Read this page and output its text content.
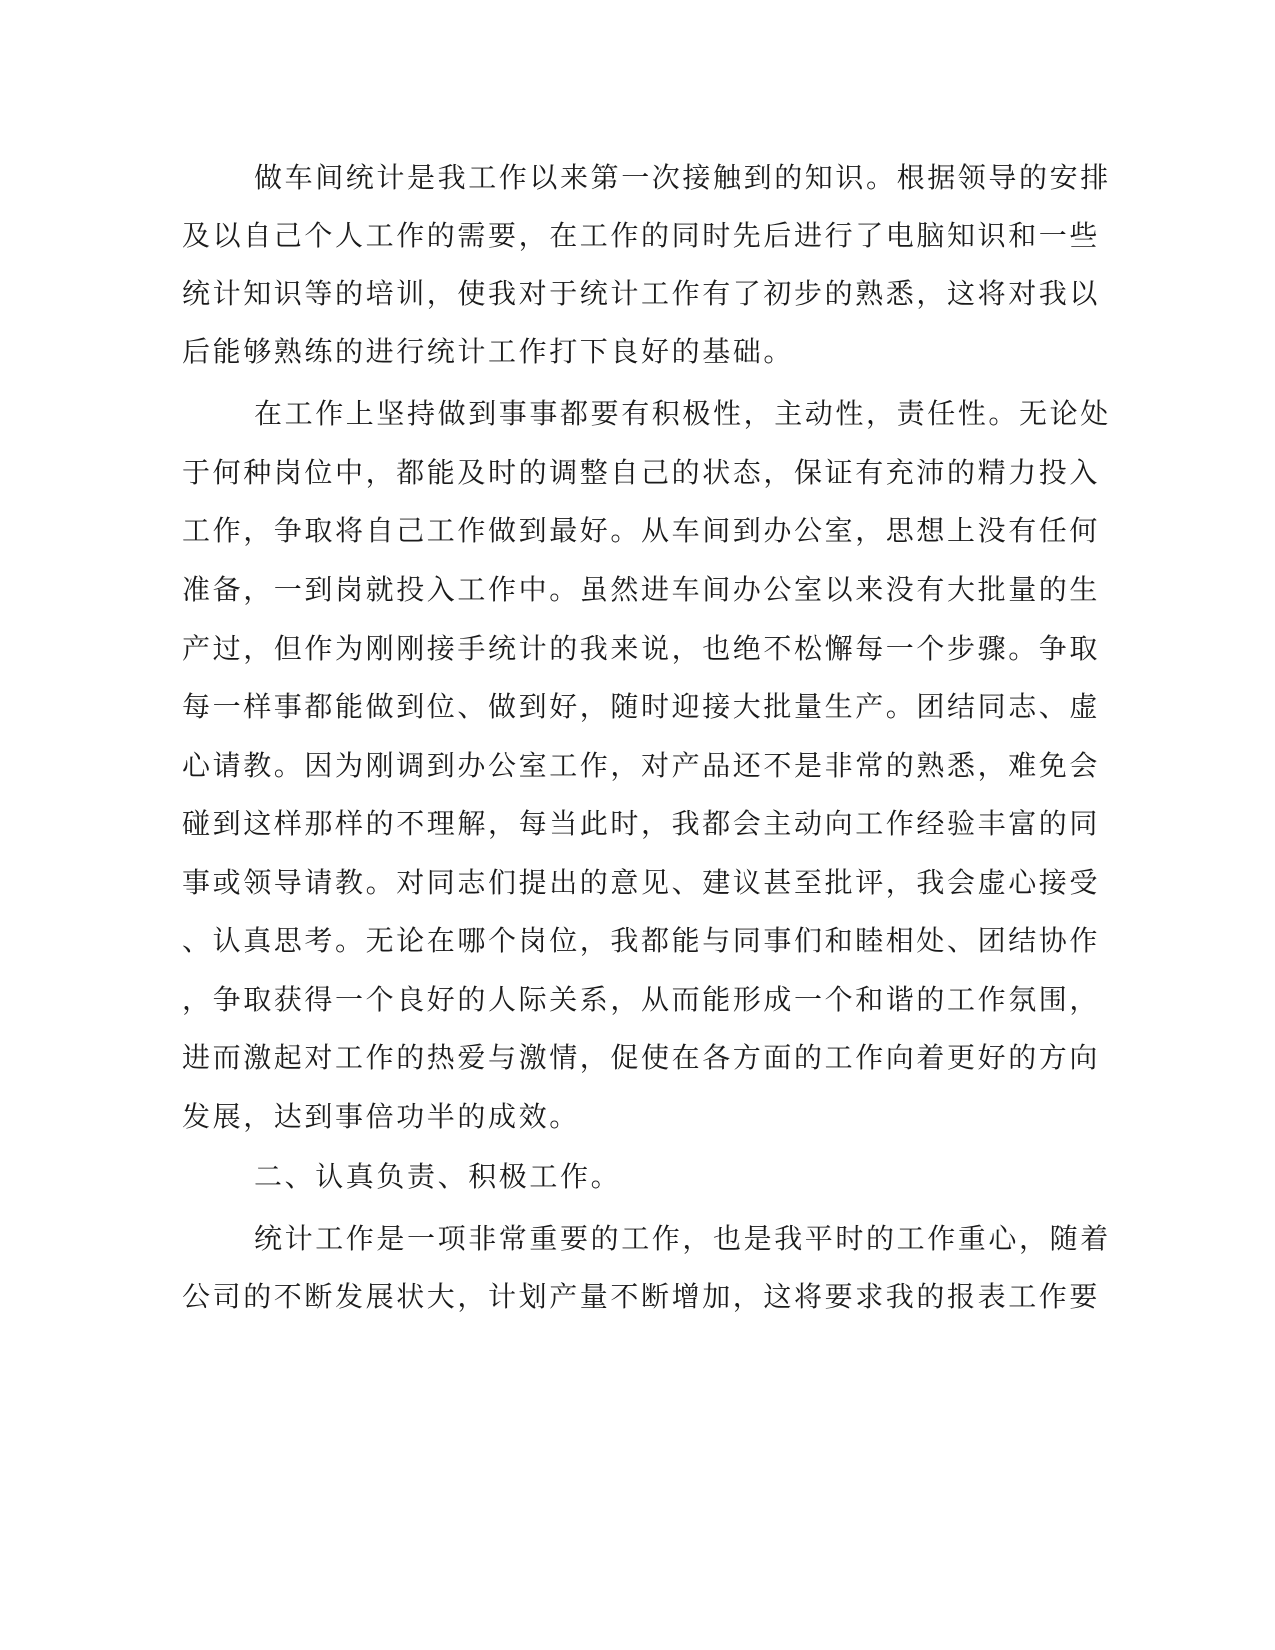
做车间统计是我工作以来第一次接触到的知识。根据领导的安排
及以自己个人工作的需要，在工作的同时先后进行了电脑知识和一些
统计知识等的培训，使我对于统计工作有了初步的熟悉，这将对我以
后能够熟练的进行统计工作打下良好的基础。
在工作上坚持做到事事都要有积极性，主动性，责任性。无论处
于何种岗位中，都能及时的调整自己的状态，保证有充沛的精力投入
工作，争取将自己工作做到最好。从车间到办公室，思想上没有任何
准备，一到岗就投入工作中。虽然进车间办公室以来没有大批量的生
产过，但作为刚刚接手统计的我来说，也绝不松懈每一个步骤。争取
每一样事都能做到位、做到好，随时迎接大批量生产。团结同志、虚
心请教。因为刚调到办公室工作，对产品还不是非常的熟悉，难免会
碰到这样那样的不理解，每当此时，我都会主动向工作经验丰富的同
事或领导请教。对同志们提出的意见、建议甚至批评，我会虚心接受
、认真思考。无论在哪个岗位，我都能与同事们和睦相处、团结协作
，争取获得一个良好的人际关系，从而能形成一个和谐的工作氛围，
进而激起对工作的热爱与激情，促使在各方面的工作向着更好的方向
发展，达到事倍功半的成效。
二、认真负责、积极工作。
统计工作是一项非常重要的工作，也是我平时的工作重心，随着
公司的不断发展状大，计划产量不断增加，这将要求我的报表工作要
